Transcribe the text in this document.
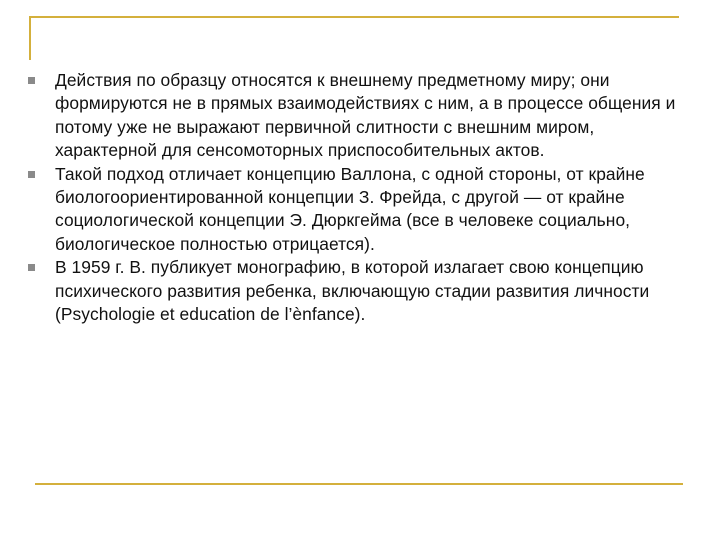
Действия по образцу относятся к внешнему предметному миру; они формируются не в прямых взаимодействиях с ним, а в процессе общения и потому уже не выражают первичной слитности с внешним миром, характерной для сенсомоторных приспособительных актов.
Такой подход отличает концепцию Валлона, с одной стороны, от крайне биологоориентированной концепции З. Фрейда, с другой — от крайне социологической концепции Э. Дюркгейма (все в человеке социально, биологическое полностью отрицается).
В 1959 г. В. публикует монографию, в которой излагает свою концепцию психического развития ребенка, включающую стадии развития личности (Psychologie et education de l’ènfance).
